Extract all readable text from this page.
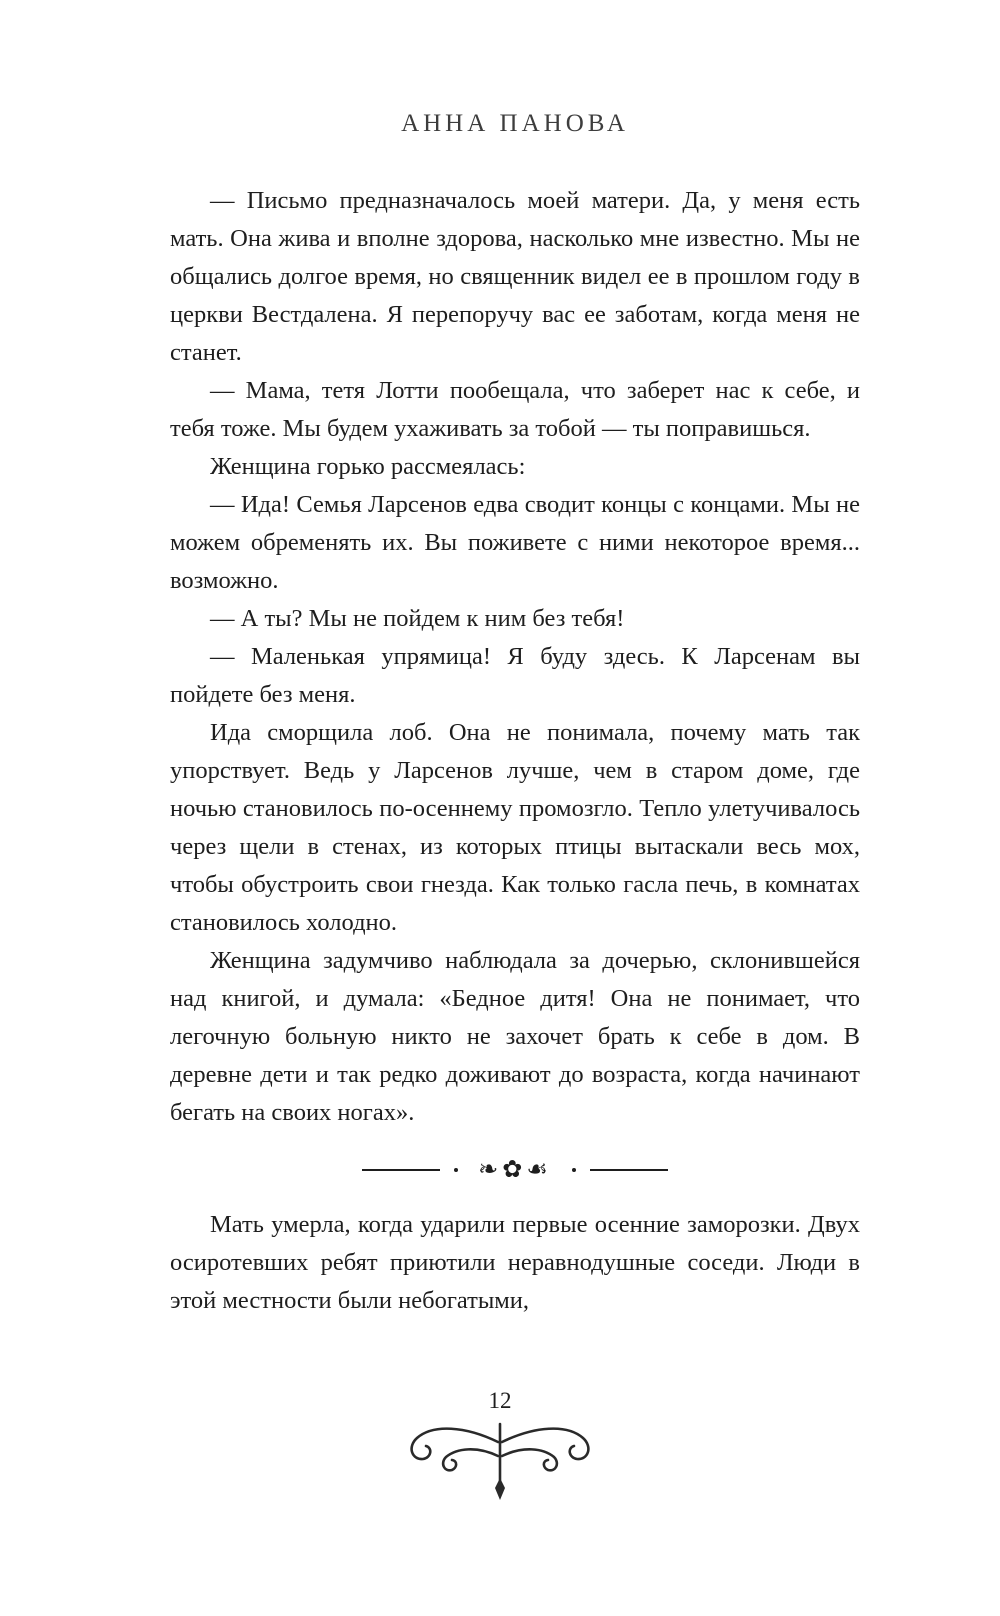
АННА ПАНОВА

— Письмо предназначалось моей матери. Да, у меня есть мать. Она жива и вполне здорова, насколько мне известно. Мы не общались долгое время, но священник видел ее в прошлом году в церкви Вестдалена. Я перепоручу вас ее заботам, когда меня не станет.

— Мама, тетя Лотти пообещала, что заберет нас к себе, и тебя тоже. Мы будем ухаживать за тобой — ты поправишься.

Женщина горько рассмеялась:

— Ида! Семья Ларсенов едва сводит концы с концами. Мы не можем обременять их. Вы поживете с ними некоторое время... возможно.

— А ты? Мы не пойдем к ним без тебя!

— Маленькая упрямица! Я буду здесь. К Ларсенам вы пойдете без меня.

Ида сморщила лоб. Она не понимала, почему мать так упорствует. Ведь у Ларсенов лучше, чем в старом доме, где ночью становилось по-осеннему промозгло. Тепло улетучивалось через щели в стенах, из которых птицы вытаскали весь мох, чтобы обустроить свои гнезда. Как только гасла печь, в комнатах становилось холодно.

Женщина задумчиво наблюдала за дочерью, склонившейся над книгой, и думала: «Бедное дитя! Она не понимает, что легочную больную никто не захочет брать к себе в дом. В деревне дети и так редко доживают до возраста, когда начинают бегать на своих ногах».

❧✿☙

Мать умерла, когда ударили первые осенние заморозки. Двух осиротевших ребят приютили неравнодушные соседи. Люди в этой местности были небогатыми,

12
